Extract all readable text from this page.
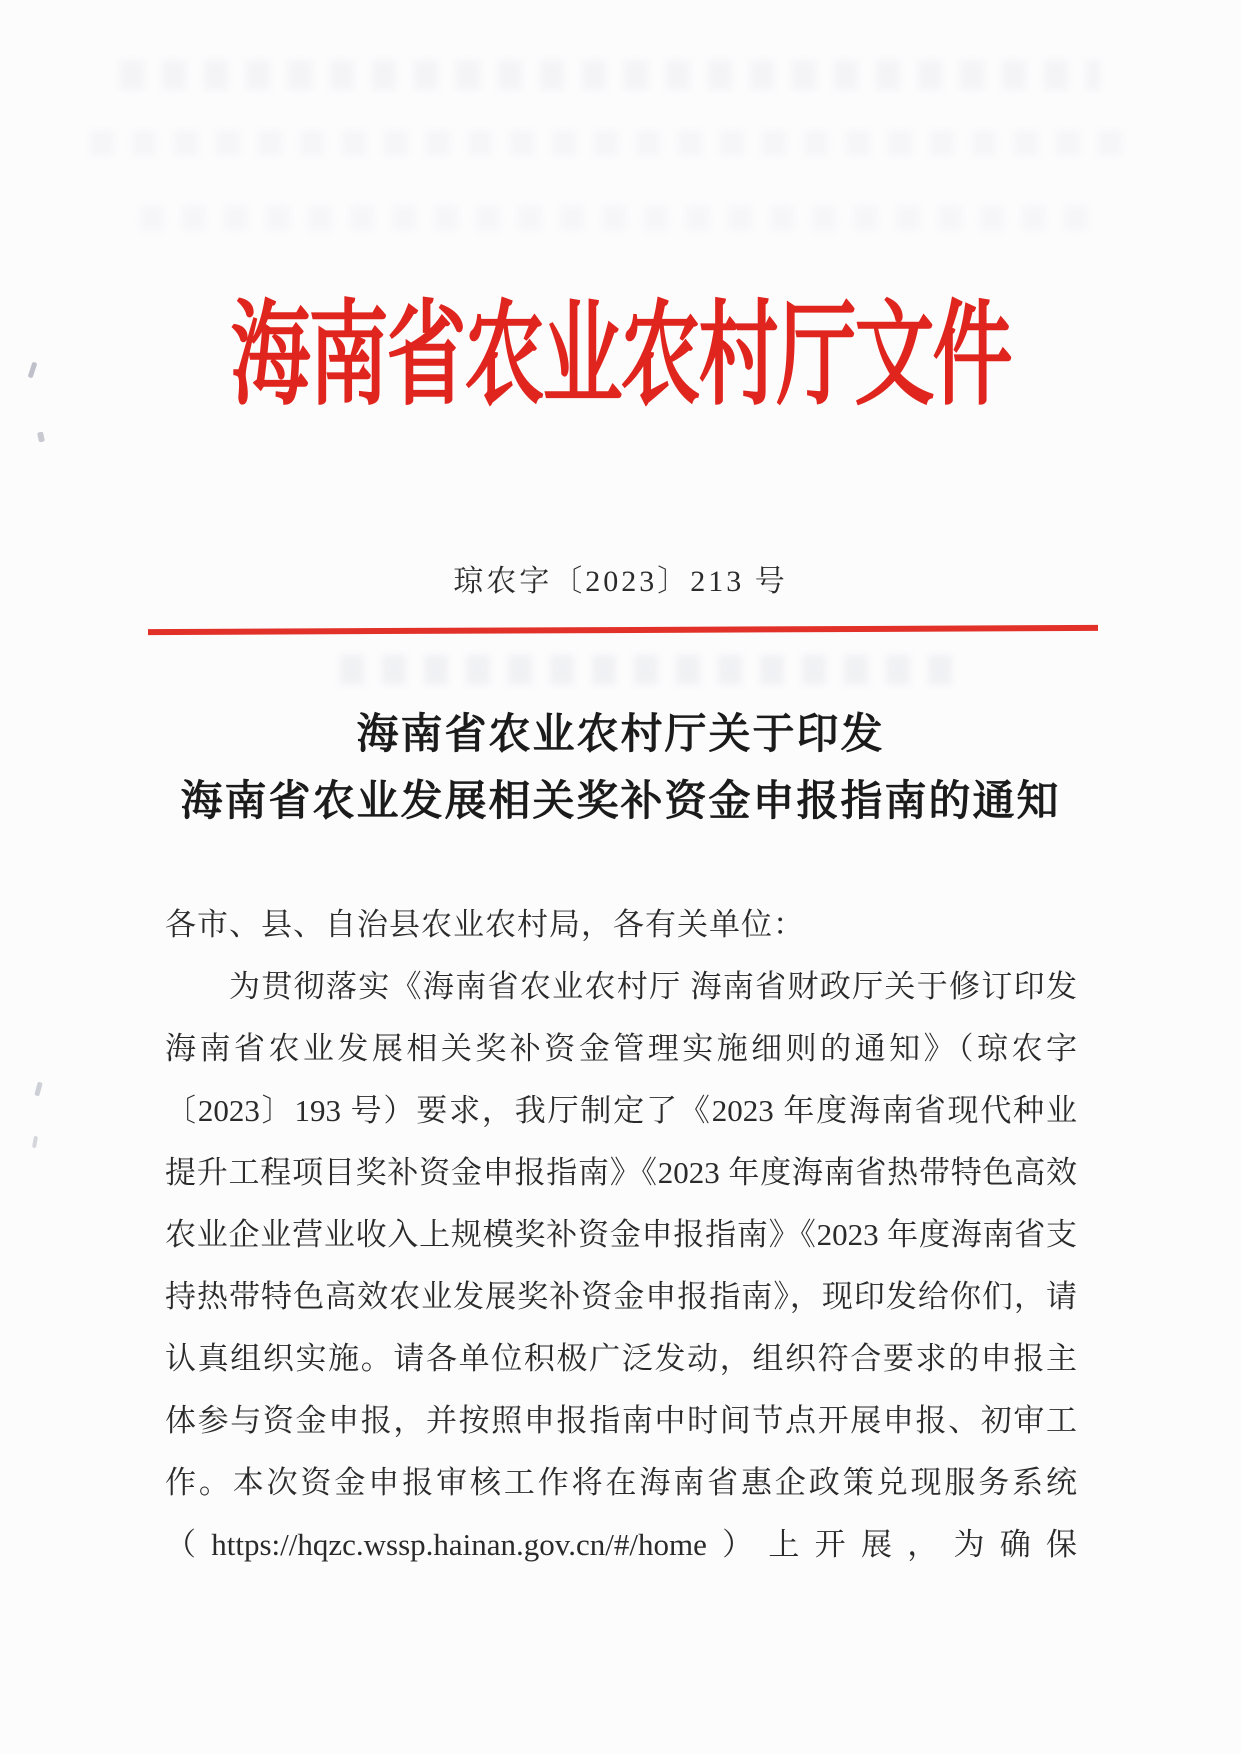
海南省农业农村厅文件
琼农字〔2023〕213 号
海南省农业农村厅关于印发
海南省农业发展相关奖补资金申报指南的通知
各市、县、自治县农业农村局，各有关单位：
为贯彻落实《海南省农业农村厅 海南省财政厅关于修订印发
海南省农业发展相关奖补资金管理实施细则的通知》（琼农字
〔2023〕193 号）要求，我厅制定了《2023 年度海南省现代种业
提升工程项目奖补资金申报指南》《2023 年度海南省热带特色高效
农业企业营业收入上规模奖补资金申报指南》《2023 年度海南省支
持热带特色高效农业发展奖补资金申报指南》，现印发给你们，请
认真组织实施。请各单位积极广泛发动，组织符合要求的申报主
体参与资金申报，并按照申报指南中时间节点开展申报、初审工
作。本次资金申报审核工作将在海南省惠企政策兑现服务系统
（https://hqzc.wssp.hainan.gov.cn/#/home）上开展，为确保
